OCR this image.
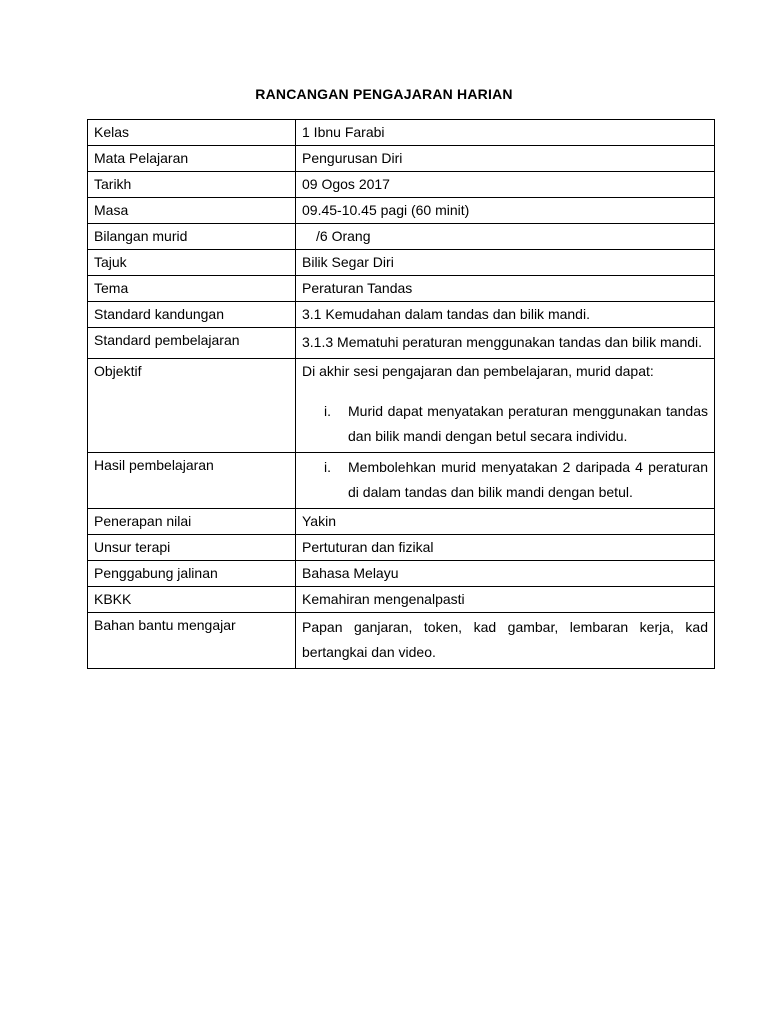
RANCANGAN PENGAJARAN HARIAN
Kelas	1 Ibnu Farabi
Mata Pelajaran	Pengurusan Diri
Tarikh	09 Ogos 2017
Masa	09.45-10.45 pagi (60 minit)
Bilangan murid	/6 Orang
Tajuk	Bilik Segar Diri
Tema	Peraturan Tandas
Standard kandungan	3.1 Kemudahan dalam tandas dan bilik mandi.
Standard pembelajaran	3.1.3 Mematuhi peraturan menggunakan tandas dan bilik mandi.

Objektif	Di akhir sesi pengajaran dan pembelajaran, murid dapat:
i. Murid dapat menyatakan peraturan menggunakan tandas dan bilik mandi dengan betul secara individu.

Hasil pembelajaran	i. Membolehkan murid menyatakan 2 daripada 4 peraturan di dalam tandas dan bilik mandi dengan betul.

Penerapan nilai	Yakin
Unsur terapi	Pertuturan dan fizikal
Penggabung jalinan	Bahasa Melayu
KBKK	Kemahiran mengenalpasti
Bahan bantu mengajar	Papan ganjaran, token, kad gambar, lembaran kerja, kad bertangkai dan video.
